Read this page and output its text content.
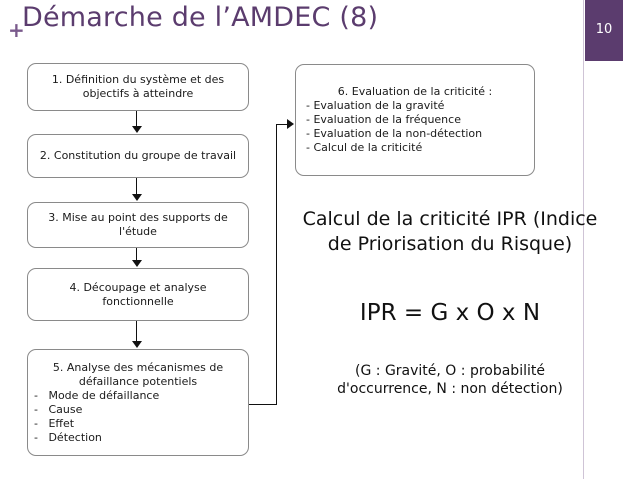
Démarche de l’AMDEC (8)
+	10
1. Définition du système et des objectifs à atteindre
2. Constitution du groupe de travail
3. Mise au point des supports de l'étude
4. Découpage et analyse fonctionnelle
5. Analyse des mécanismes de défaillance potentiels
-   Mode de défaillance
-   Cause
-   Effet
-   Détection
6. Evaluation de la criticité :
- Evaluation de la gravité
- Evaluation de la fréquence
- Evaluation de la non-détection
- Calcul de la criticité
Calcul de la criticité IPR (Indice de Priorisation du Risque)
IPR = G x O x N
(G : Gravité, O : probabilité d'occurrence, N : non détection)
